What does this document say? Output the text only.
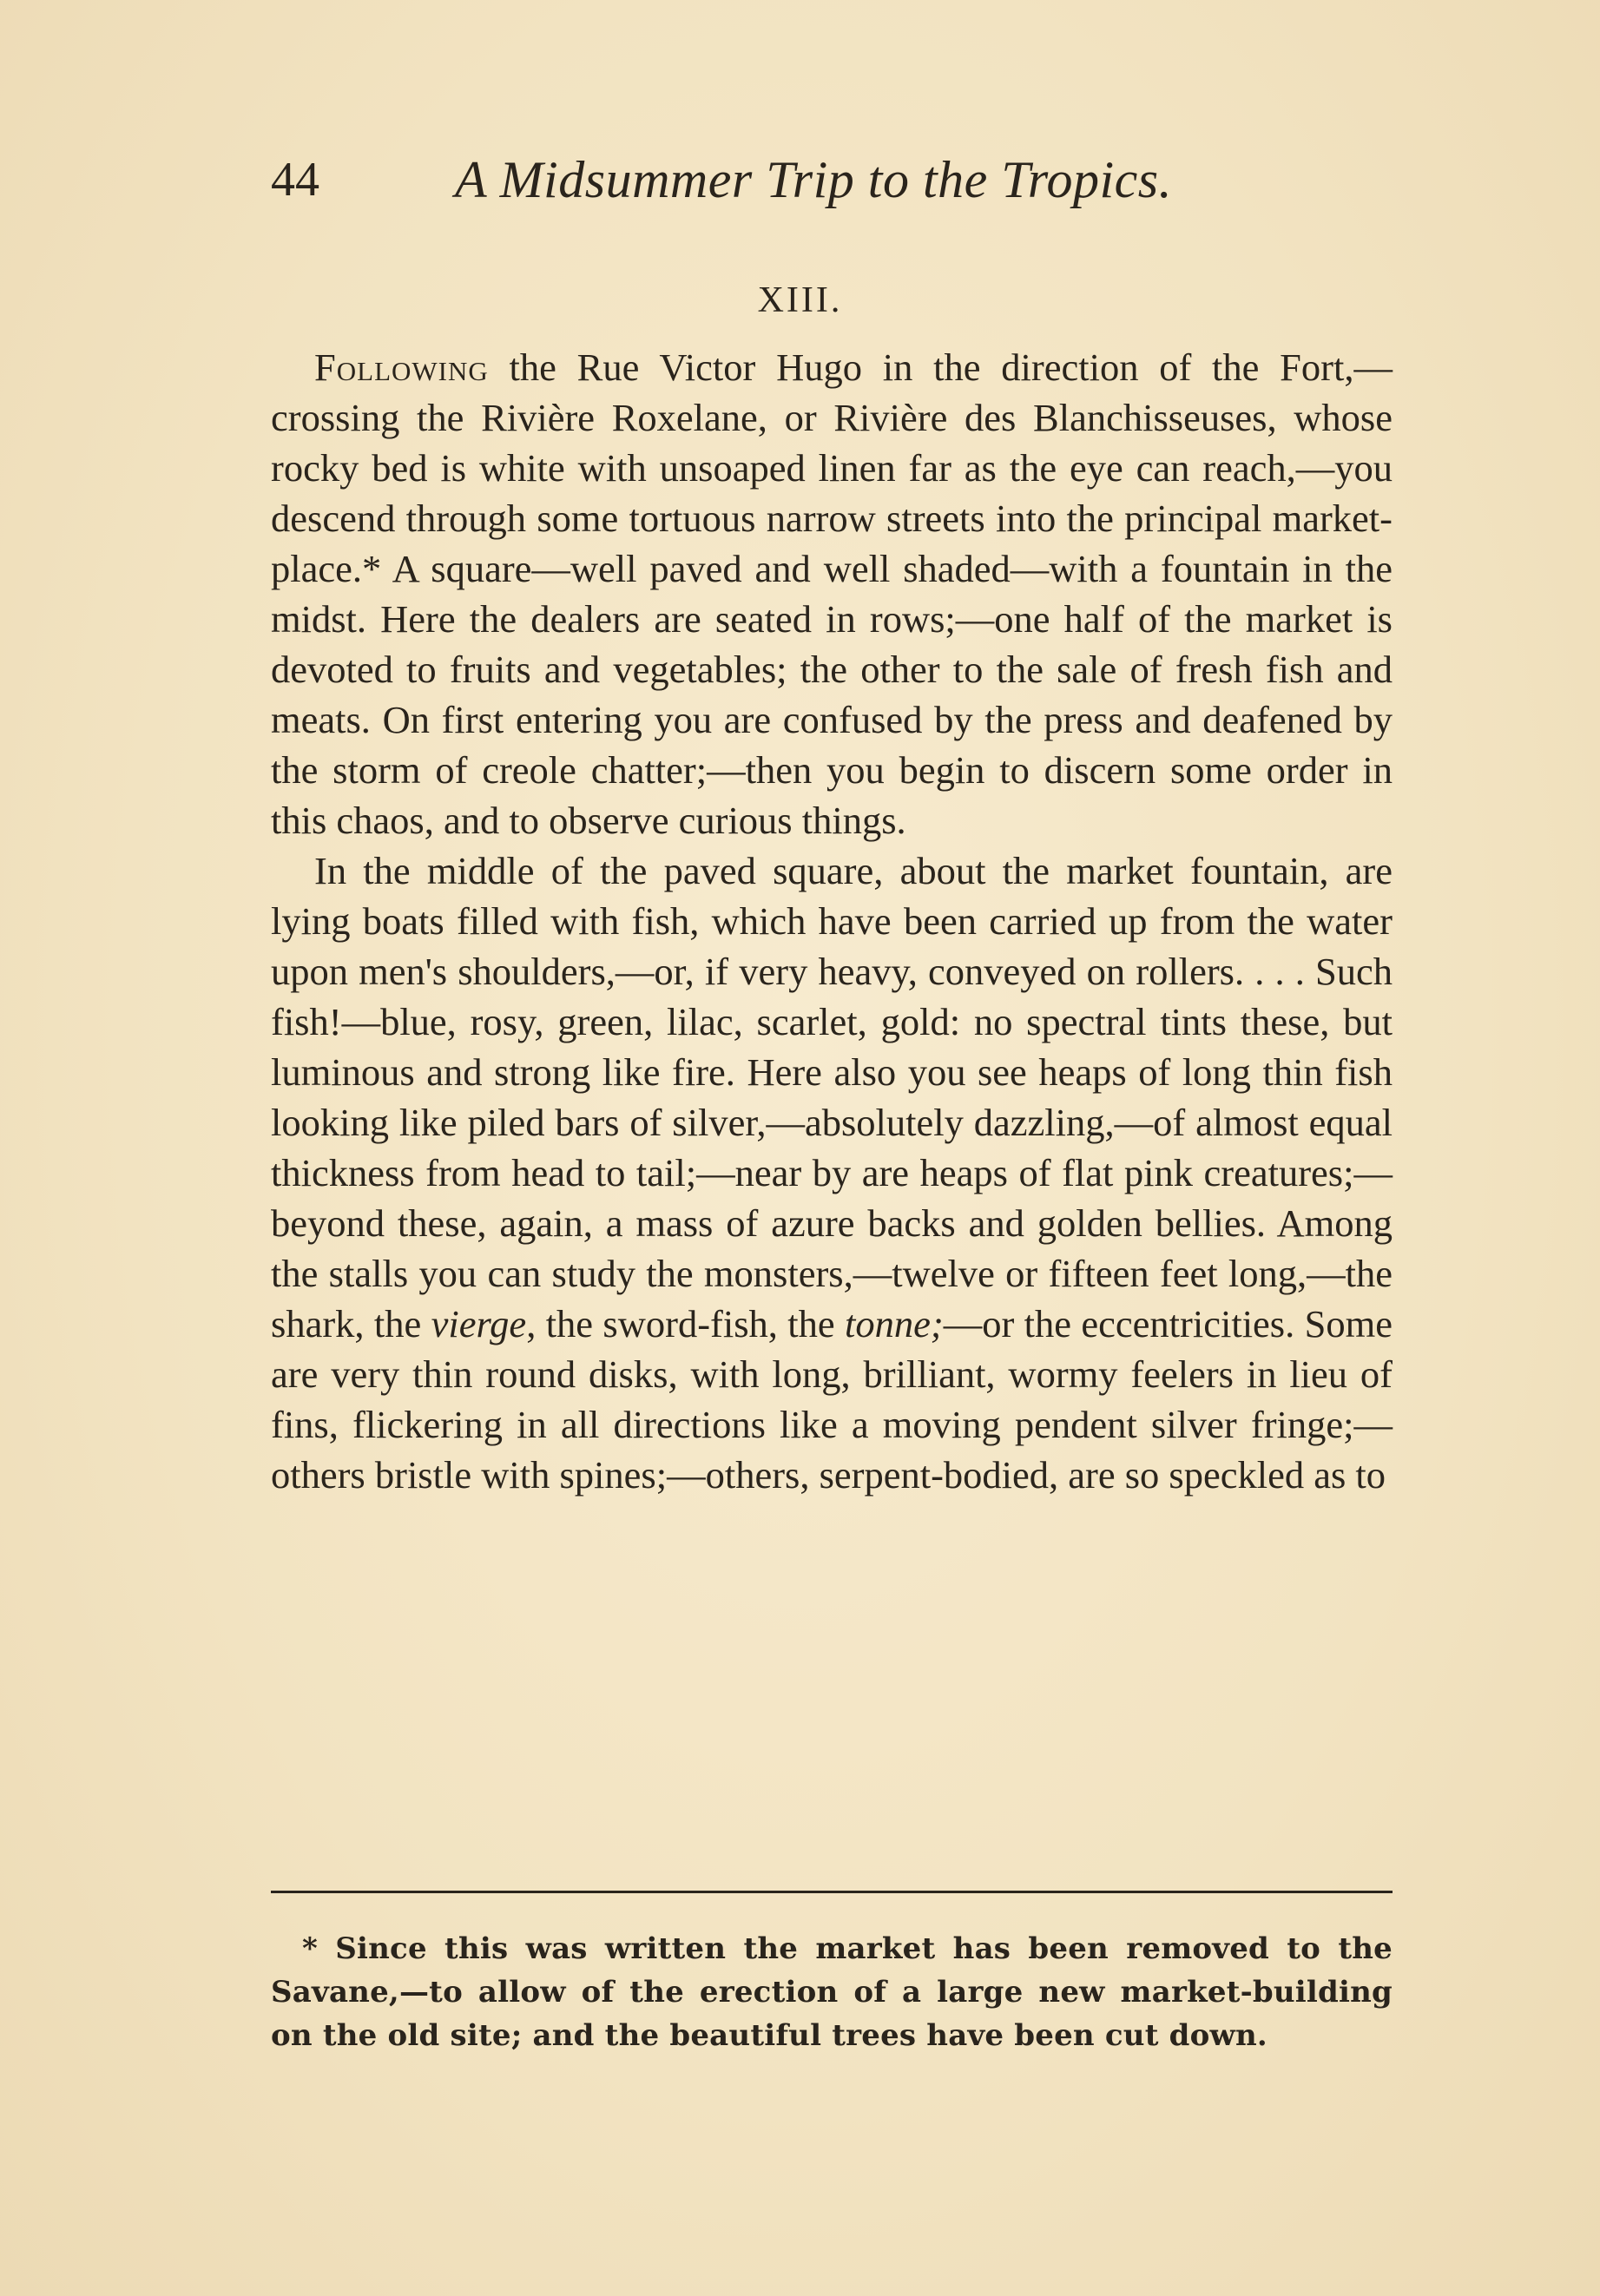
44	A Midsummer Trip to the Tropics.
XIII.

Following the Rue Victor Hugo in the direction of the Fort,—crossing the Rivière Roxelane, or Rivière des Blanchisseuses, whose rocky bed is white with unsoaped linen far as the eye can reach,—you descend through some tortuous narrow streets into the principal market-place.* A square—well paved and well shaded—with a fountain in the midst. Here the dealers are seated in rows;—one half of the market is devoted to fruits and vegetables; the other to the sale of fresh fish and meats. On first entering you are confused by the press and deafened by the storm of creole chatter;—then you begin to discern some order in this chaos, and to observe curious things.

In the middle of the paved square, about the market fountain, are lying boats filled with fish, which have been carried up from the water upon men's shoulders,—or, if very heavy, conveyed on rollers. . . . Such fish!—blue, rosy, green, lilac, scarlet, gold: no spectral tints these, but luminous and strong like fire. Here also you see heaps of long thin fish looking like piled bars of silver,—absolutely dazzling,—of almost equal thickness from head to tail;—near by are heaps of flat pink creatures;—beyond these, again, a mass of azure backs and golden bellies. Among the stalls you can study the monsters,—twelve or fifteen feet long,—the shark, the vierge, the sword-fish, the tonne;—or the eccentricities. Some are very thin round disks, with long, brilliant, wormy feelers in lieu of fins, flickering in all directions like a moving pendent silver fringe;—others bristle with spines;—others, serpent-bodied, are so speckled as to

* Since this was written the market has been removed to the Savane,—to allow of the erection of a large new market-building on the old site; and the beautiful trees have been cut down.
